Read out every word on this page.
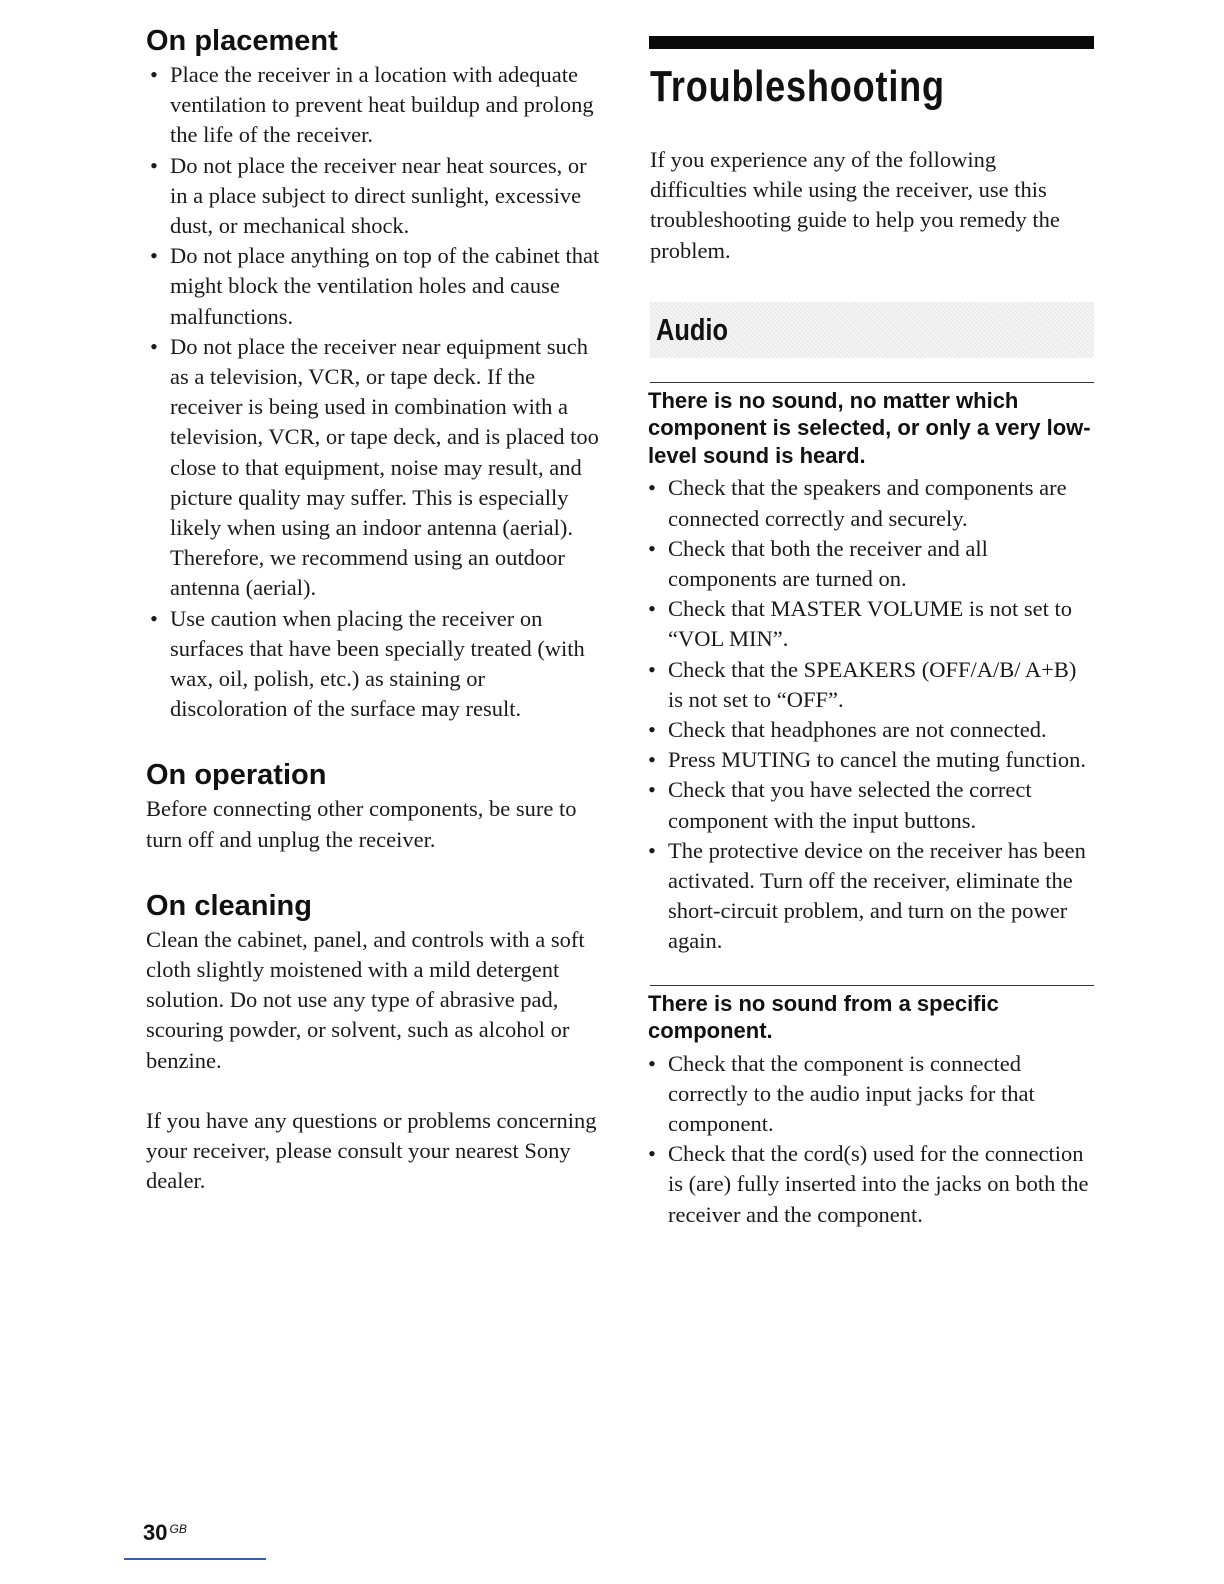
On placement
• Place the receiver in a location with adequate ventilation to prevent heat buildup and prolong the life of the receiver.
• Do not place the receiver near heat sources, or in a place subject to direct sunlight, excessive dust, or mechanical shock.
• Do not place anything on top of the cabinet that might block the ventilation holes and cause malfunctions.
• Do not place the receiver near equipment such as a television, VCR, or tape deck. If the receiver is being used in combination with a television, VCR, or tape deck, and is placed too close to that equipment, noise may result, and picture quality may suffer. This is especially likely when using an indoor antenna (aerial). Therefore, we recommend using an outdoor antenna (aerial).
• Use caution when placing the receiver on surfaces that have been specially treated (with wax, oil, polish, etc.) as staining or discoloration of the surface may result.
On operation

Before connecting other components, be sure to turn off and unplug the receiver.

On cleaning

Clean the cabinet, panel, and controls with a soft cloth slightly moistened with a mild detergent solution. Do not use any type of abrasive pad, scouring powder, or solvent, such as alcohol or benzine.

If you have any questions or problems concerning your receiver, please consult your nearest Sony dealer.

Troubleshooting

If you experience any of the following difficulties while using the receiver, use this troubleshooting guide to help you remedy the problem.

Audio
There is no sound, no matter which component is selected, or only a very low-level sound is heard.
• Check that the speakers and components are connected correctly and securely.
• Check that both the receiver and all components are turned on.
• Check that MASTER VOLUME is not set to “VOL MIN”.
• Check that the SPEAKERS (OFF/A/B/ A+B) is not set to “OFF”.
• Check that headphones are not connected.
• Press MUTING to cancel the muting function.
• Check that you have selected the correct component with the input buttons.
• The protective device on the receiver has been activated. Turn off the receiver, eliminate the short-circuit problem, and turn on the power again.
There is no sound from a specific component.
• Check that the component is connected correctly to the audio input jacks for that component.
• Check that the cord(s) used for the connection is (are) fully inserted into the jacks on both the receiver and the component.
30 $^{GB}$
